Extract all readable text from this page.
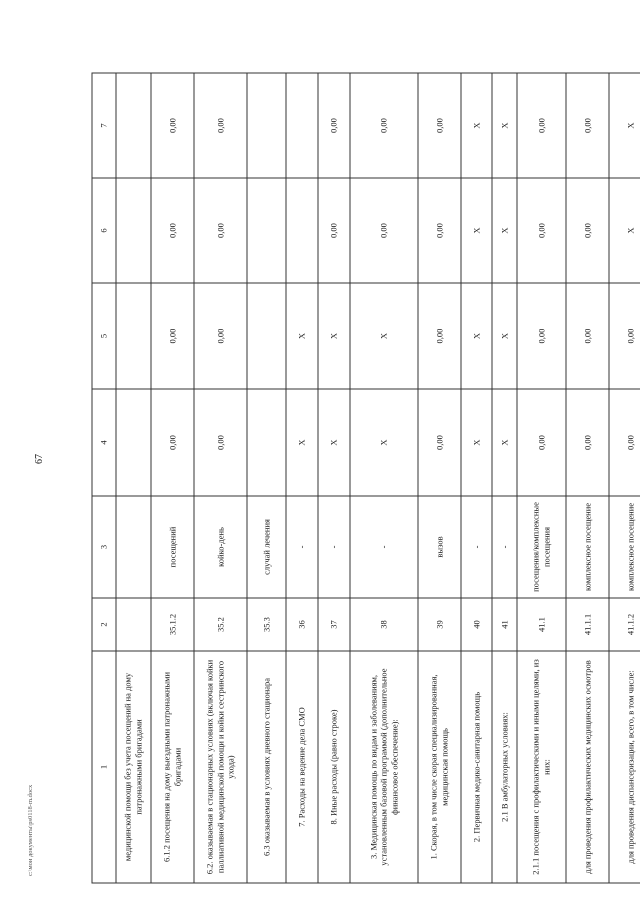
67
c:\мои документы\ps0118-m.docx
1	2	3	4	5	6	7
медицинской помощи без учета посещений на дому патронажными бригадами						
6.1.2 посещения на дому выездными патронажными бригадами	35.1.2	посещений	0,00	0,00	0,00	0,00
6.2. оказываемая в стационарных условиях (включая койки паллиативной медицинской помощи и койки сестринского ухода)	35.2	койко-день	0,00	0,00	0,00	0,00
6.3 оказываемая в условиях дневного стационара	35.3	случай лечения				
7. Расходы на ведение дела СМО	36	-	X	X		
8. Иные расходы (равно строке)	37	-	X	X	0,00	0,00
3. Медицинская помощь по видам и заболеваниям, установленным базовой программой (дополнительное финансовое обеспечение):	38	-	X	X	0,00	0,00
1. Скорая, в том числе скорая специализированная, медицинская помощь	39	вызов	0,00	0,00	0,00	0,00
2. Первичная медико-санитарная помощь	40	-	X	X	X	X
2.1 В амбулаторных условиях:	41	-	X	X	X	X
2.1.1 посещения с профилактическими и иными целями, из них:	41.1	посещения/комплексные посещения	0,00	0,00	0,00	0,00
для проведения профилактических медицинских осмотров	41.1.1	комплексное посещение	0,00	0,00	0,00	0,00
для проведения диспансеризации, всего, в том числе:	41.1.2	комплексное посещение	0,00	0,00	X	X
